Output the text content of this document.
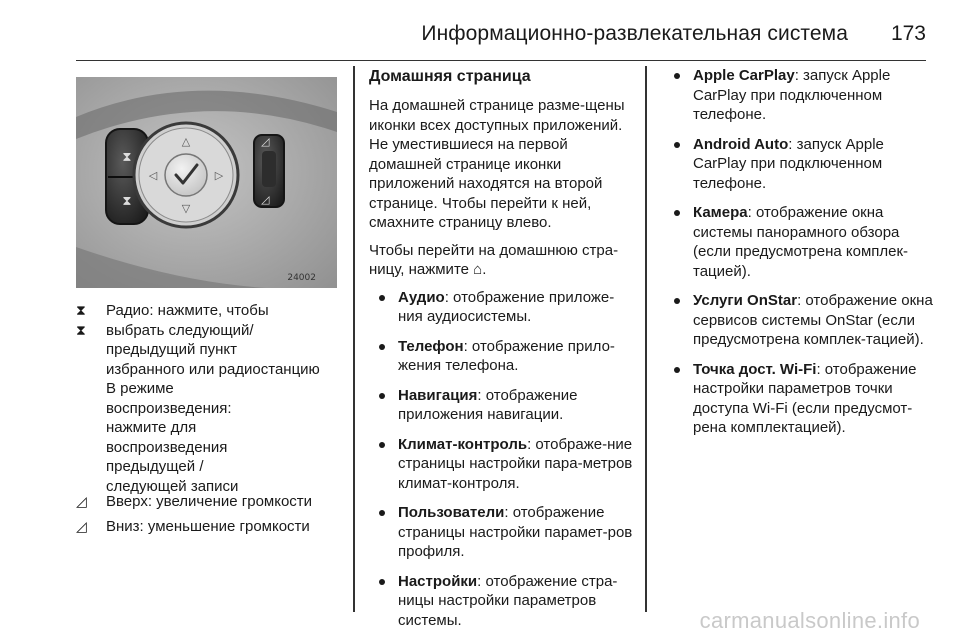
Информационно-развлекательная система 173
⧗
⧗
◿
◿
△
▽
◁	▷
24002
⧗
⧗
Радио: нажмите, чтобы
выбрать следующий/
предыдущий пункт
избранного или радиостанцию
В режиме
воспроизведения:
нажмите для
воспроизведения
предыдущей /
следующей записи
◿	Вверх: увеличение громкости
◿	Вниз: уменьшение громкости
Домашняя страница

На домашней странице разме-щены иконки всех доступных приложений. Не уместившиеся на первой домашней странице иконки приложений находятся на второй странице. Чтобы перейти к ней, смахните страницу влево.

Чтобы перейти на домашнюю стра-ницу, нажмите ⌂.

Аудио: отображение приложе-ния аудиосистемы.
Телефон: отображение прило-жения телефона.
Навигация: отображение приложения навигации.
Климат-контроль: отображе-ние страницы настройки пара-метров климат-контроля.
Пользователи: отображение страницы настройки парамет-ров профиля.
Настройки: отображение стра-ницы настройки параметров системы.
Apple CarPlay: запуск Apple CarPlay при подключенном телефоне.
Android Auto: запуск Apple CarPlay при подключенном телефоне.
Камера: отображение окна системы панорамного обзора (если предусмотрена комплек-тацией).
Услуги OnStar: отображение окна сервисов системы OnStar (если предусмотрена комплек-тацией).
Точка дост. Wi-Fi: отображение настройки параметров точки доступа Wi-Fi (если предусмот-рена комплектацией).
carmanualsonline.info
